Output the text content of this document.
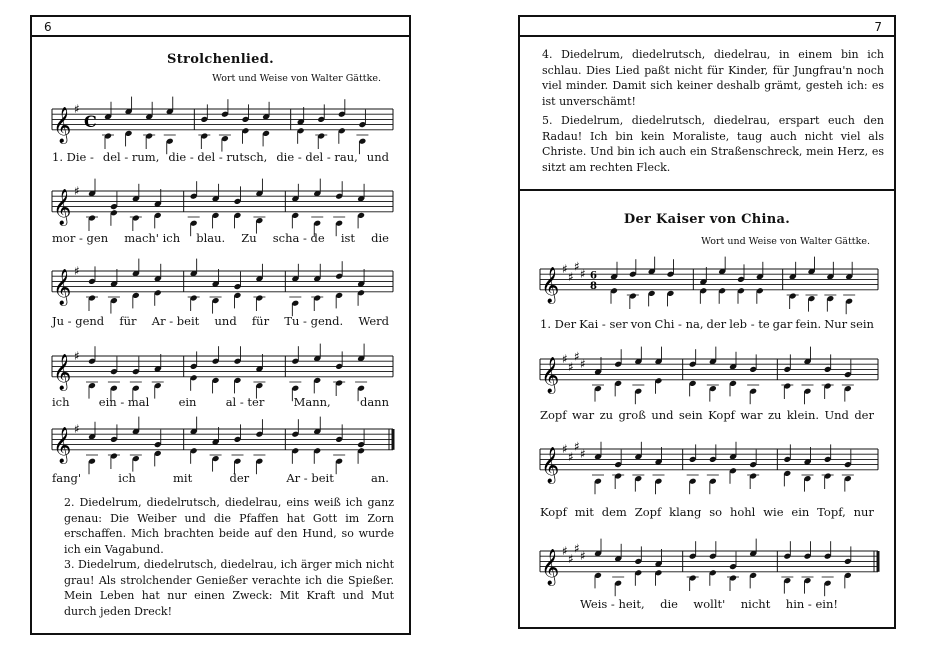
6
Strolchenlied.
Wort und Weise von Walter Gättke.
𝄞 ♯
C
1. Die - del - rum, die - del - rutsch, die - del - rau, und
𝄞 ♯
mor - gen mach' ich blau. Zu scha - de ist die
𝄞 ♯
Ju - gend für Ar - beit und für Tu - gend. Werd
𝄞 ♯
ich	ein - mal	ein	al - ter	Mann,	dann
𝄞 ♯
fang'	ich	mit	der	Ar - beit	an.

2. Diedelrum, diedelrutsch, diedelrau, eins weiß ich ganz genau: Die Weiber und die Pfaffen hat Gott im Zorn erschaffen. Mich brachten beide auf den Hund, so wurde ich ein Vagabund.

3. Diedelrum, diedelrutsch, diedelrau, ich ärger mich nicht grau! Als strolchender Genießer verachte ich die Spießer. Mein Leben hat nur einen Zweck: Mit Kraft und Mut durch jeden Dreck!

7

4. Diedelrum, diedelrutsch, diedelrau, in einem bin ich schlau. Dies Lied paßt nicht für Kinder, für Jungfrau'n noch viel minder. Damit sich keiner deshalb grämt, gesteh ich: es ist unverschämt!

5. Diedelrum, diedelrutsch, diedelrau, erspart euch den Radau! Ich bin kein Moraliste, taug auch nicht viel als Christe. Und bin ich auch ein Straßenschreck, mein Herz, es sitzt am rechten Fleck.

Der Kaiser von China.
Wort und Weise von Walter Gättke.
𝄞 ♯
♯
♯
♯ 6
8
1. Der Kai - ser von Chi - na, der leb - te gar fein. Nur sein
𝄞 ♯
♯
♯
♯
Zopf war zu groß und sein Kopf war zu klein. Und der
𝄞 ♯
♯
♯
♯
Kopf mit dem Zopf klang so hohl wie ein Topf, nur
𝄞 ♯
♯
♯
♯
Weis - heit, die wollt' nicht hin - ein!
